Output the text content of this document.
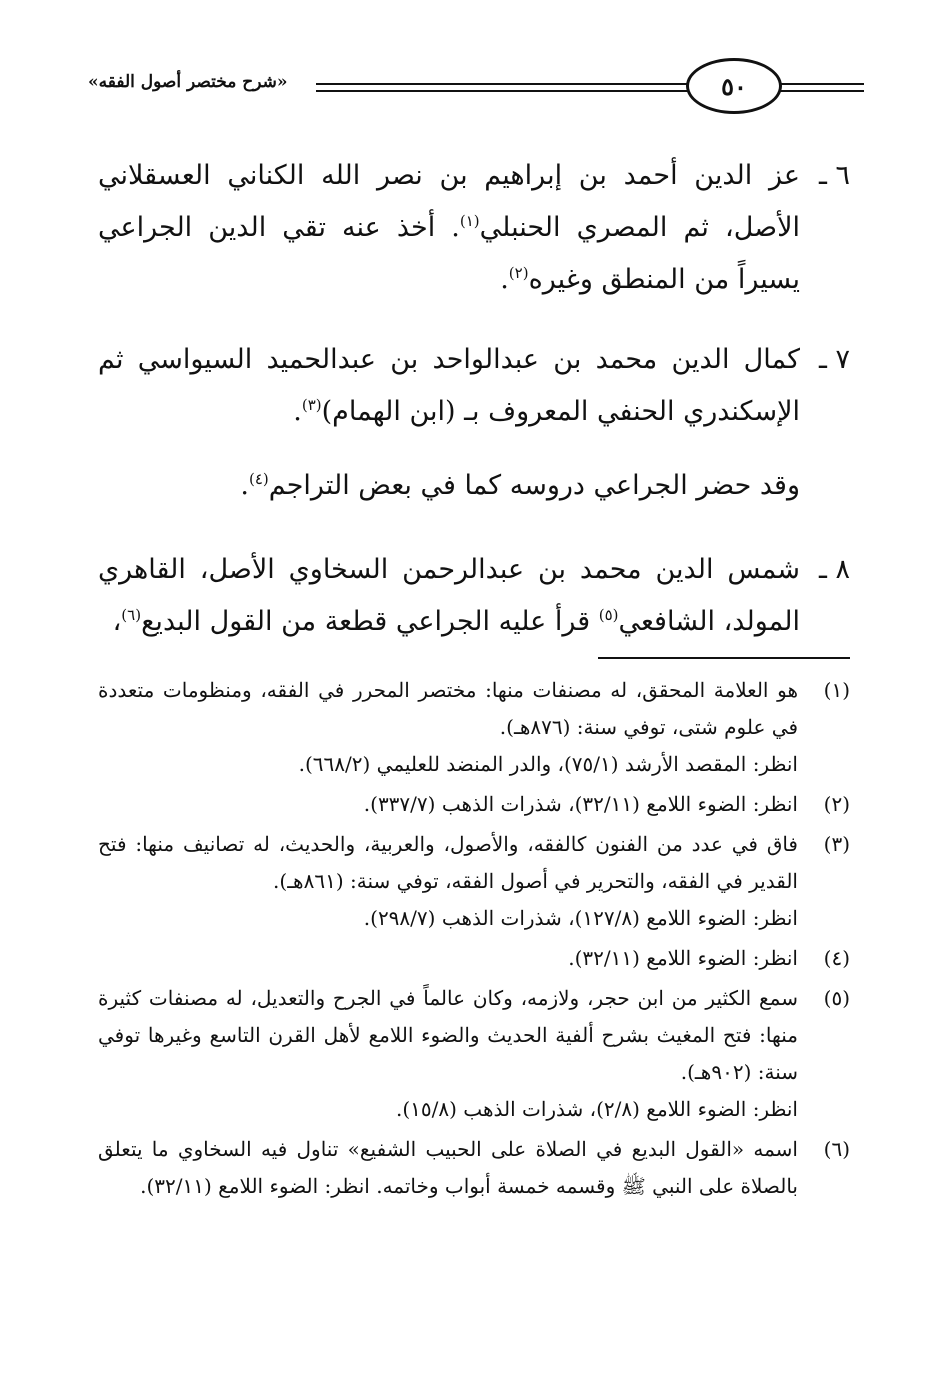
٥٠
«شرح مختصر أصول الفقه»
٦ ـ
عز الدين أحمد بن إبراهيم بن نصر الله الكناني العسقلاني الأصل، ثم المصري الحنبلي$^{(١)}$. أخذ عنه تقي الدين الجراعي يسيراً من المنطق وغيره$^{(٢)}$.
٧ ـ
كمال الدين محمد بن عبدالواحد بن عبدالحميد السيواسي ثم الإسكندري الحنفي المعروف بـ (ابن الهمام)$^{(٣)}$.
وقد حضر الجراعي دروسه كما في بعض التراجم$^{(٤)}$.
٨ ـ
شمس الدين محمد بن عبدالرحمن السخاوي الأصل، القاهري المولد، الشافعي$^{(٥)}$ قرأ عليه الجراعي قطعة من القول البديع$^{(٦)}$،
(١)
هو العلامة المحقق، له مصنفات منها: مختصر المحرر في الفقه، ومنظومات متعددة في علوم شتى، توفي سنة: (٨٧٦هـ).
انظر: المقصد الأرشد (٧٥/١)، والدر المنضد للعليمي (٦٦٨/٢).
(٢)
انظر: الضوء اللامع (٣٢/١١)، شذرات الذهب (٣٣٧/٧).
(٣)
فاق في عدد من الفنون كالفقه، والأصول، والعربية، والحديث، له تصانيف منها: فتح القدير في الفقه، والتحرير في أصول الفقه، توفي سنة: (٨٦١هـ).
انظر: الضوء اللامع (١٢٧/٨)، شذرات الذهب (٢٩٨/٧).
(٤)
انظر: الضوء اللامع (٣٢/١١).
(٥)
سمع الكثير من ابن حجر، ولازمه، وكان عالماً في الجرح والتعديل، له مصنفات كثيرة منها: فتح المغيث بشرح ألفية الحديث والضوء اللامع لأهل القرن التاسع وغيرها توفي سنة: (٩٠٢هـ).
انظر: الضوء اللامع (٢/٨)، شذرات الذهب (١٥/٨).
(٦)
اسمه «القول البديع في الصلاة على الحبيب الشفيع» تناول فيه السخاوي ما يتعلق بالصلاة على النبي ﷺ وقسمه خمسة أبواب وخاتمه. انظر: الضوء اللامع (٣٢/١١).
